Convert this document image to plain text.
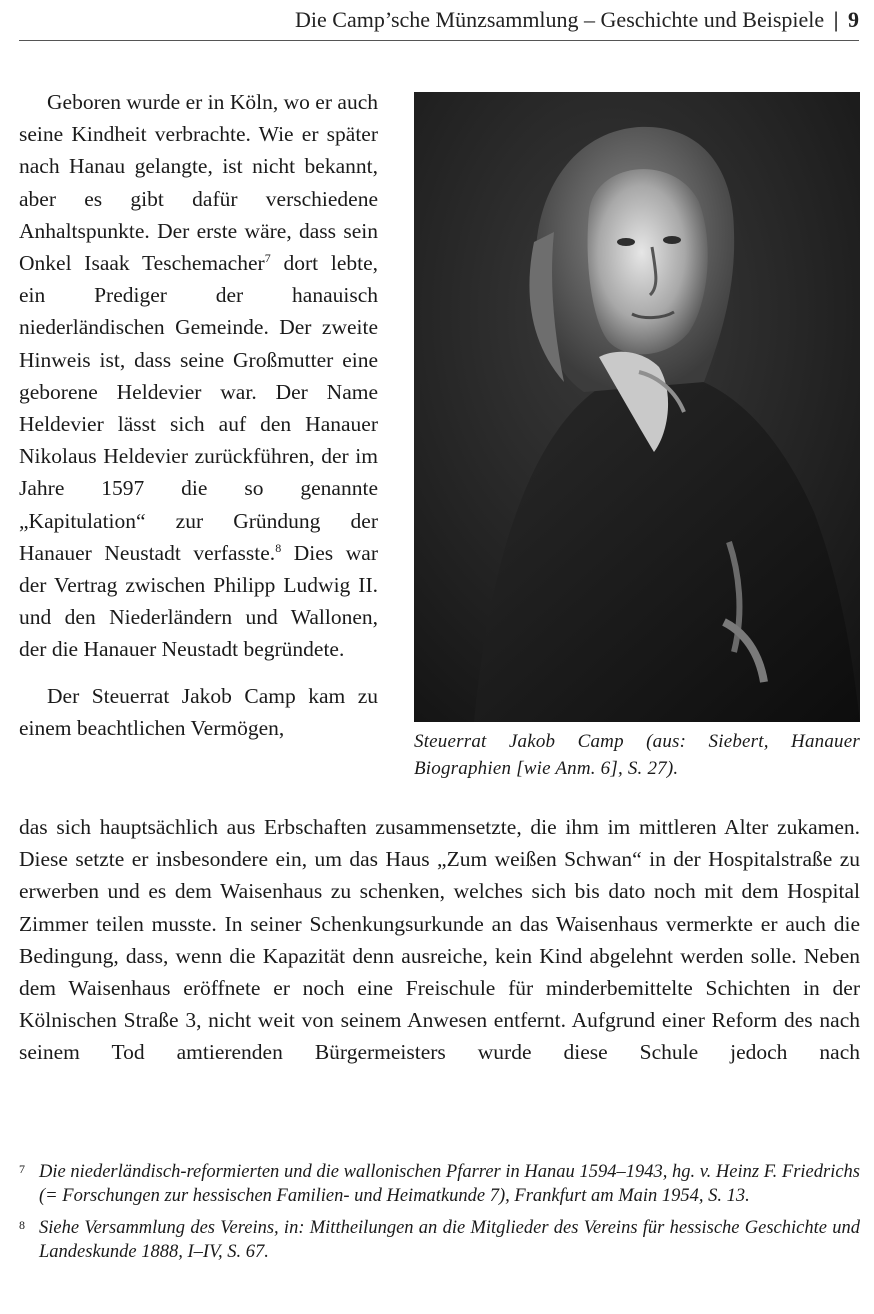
Die Camp’sche Münzsammlung – Geschichte und Beispiele | 9

Geboren wurde er in Köln, wo er auch seine Kindheit verbrachte. Wie er später nach Hanau gelangte, ist nicht bekannt, aber es gibt dafür verschiedene Anhaltspunkte. Der erste wäre, dass sein Onkel Isaak Teschemacher$^7$ dort lebte, ein Prediger der hanauisch niederländischen Gemeinde. Der zweite Hinweis ist, dass seine Großmutter eine geborene Heldevier war. Der Name Heldevier lässt sich auf den Hanauer Nikolaus Heldevier zurückführen, der im Jahre 1597 die so genannte „Kapitulation“ zur Gründung der Hanauer Neustadt verfasste.$^8$ Dies war der Vertrag zwischen Philipp Ludwig II. und den Niederländern und Wallonen, der die Hanauer Neustadt begründete.

Der Steuerrat Jakob Camp kam zu einem beachtlichen Vermögen,

Steuerrat Jakob Camp (aus: Siebert, Hanauer Biographien [wie Anm. 6], S. 27).
das sich hauptsächlich aus Erbschaften zusammensetzte, die ihm im mittleren Alter zukamen. Diese setzte er insbesondere ein, um das Haus „Zum weißen Schwan“ in der Hospitalstraße zu erwerben und es dem Waisenhaus zu schenken, welches sich bis dato noch mit dem Hospital Zimmer teilen musste. In seiner Schenkungsurkunde an das Waisenhaus vermerkte er auch die Bedingung, dass, wenn die Kapazität denn ausreiche, kein Kind abgelehnt werden solle. Neben dem Waisenhaus eröffnete er noch eine Freischule für minderbemittelte Schichten in der Kölnischen Straße 3, nicht weit von seinem Anwesen entfernt. Aufgrund einer Reform des nach seinem Tod amtierenden Bürgermeisters wurde diese Schule jedoch nach
7 Die niederländisch-reformierten und die wallonischen Pfarrer in Hanau 1594–1943, hg. v. Heinz F. Friedrichs (= Forschungen zur hessischen Familien- und Heimatkunde 7), Frankfurt am Main 1954, S. 13.
8 Siehe Versammlung des Vereins, in: Mittheilungen an die Mitglieder des Vereins für hessische Geschichte und Landeskunde 1888, I–IV, S. 67.
